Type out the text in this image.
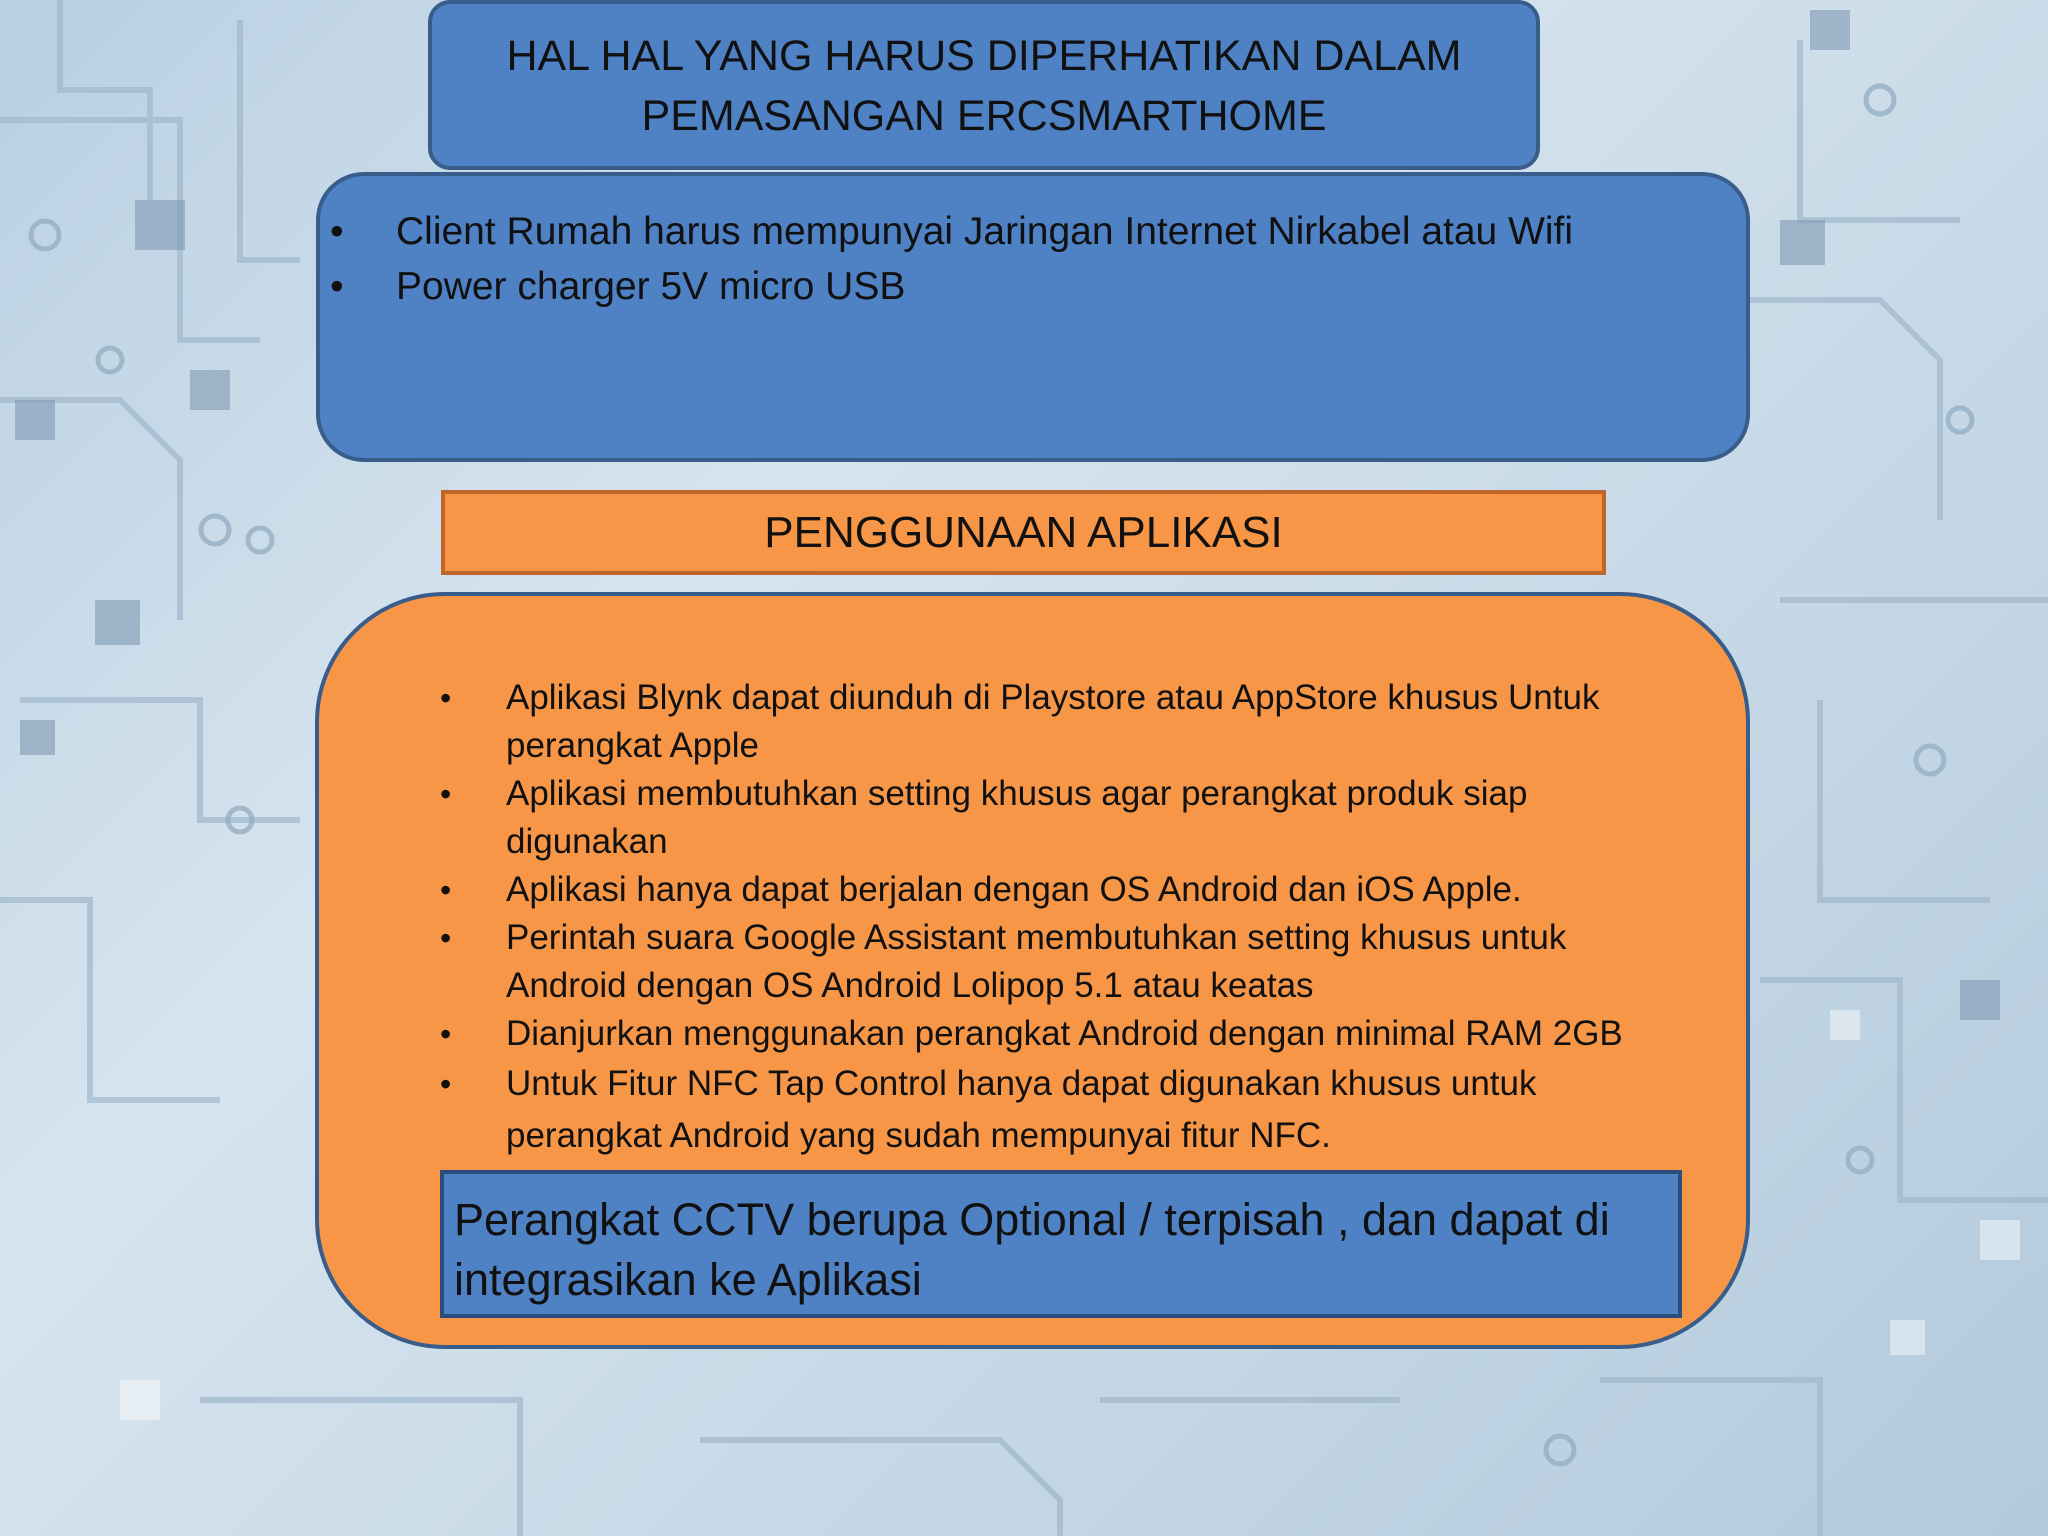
HAL HAL YANG HARUS DIPERHATIKAN DALAM
PEMASANGAN ERCSMARTHOME
• Client Rumah harus mempunyai Jaringan Internet Nirkabel atau Wifi
• Power charger 5V micro USB
PENGGUNAAN APLIKASI
• Aplikasi Blynk dapat diunduh di Playstore atau AppStore khusus Untuk perangkat Apple
• Aplikasi membutuhkan setting khusus agar perangkat produk siap digunakan
• Aplikasi hanya dapat berjalan dengan OS Android dan iOS Apple.
• Perintah suara Google Assistant membutuhkan setting khusus untuk Android dengan OS Android Lolipop 5.1 atau keatas
• Dianjurkan menggunakan perangkat Android dengan minimal RAM 2GB
• Untuk Fitur NFC Tap Control hanya dapat digunakan khusus untuk perangkat Android yang sudah mempunyai fitur NFC.
Perangkat CCTV berupa Optional / terpisah , dan dapat di integrasikan ke Aplikasi
